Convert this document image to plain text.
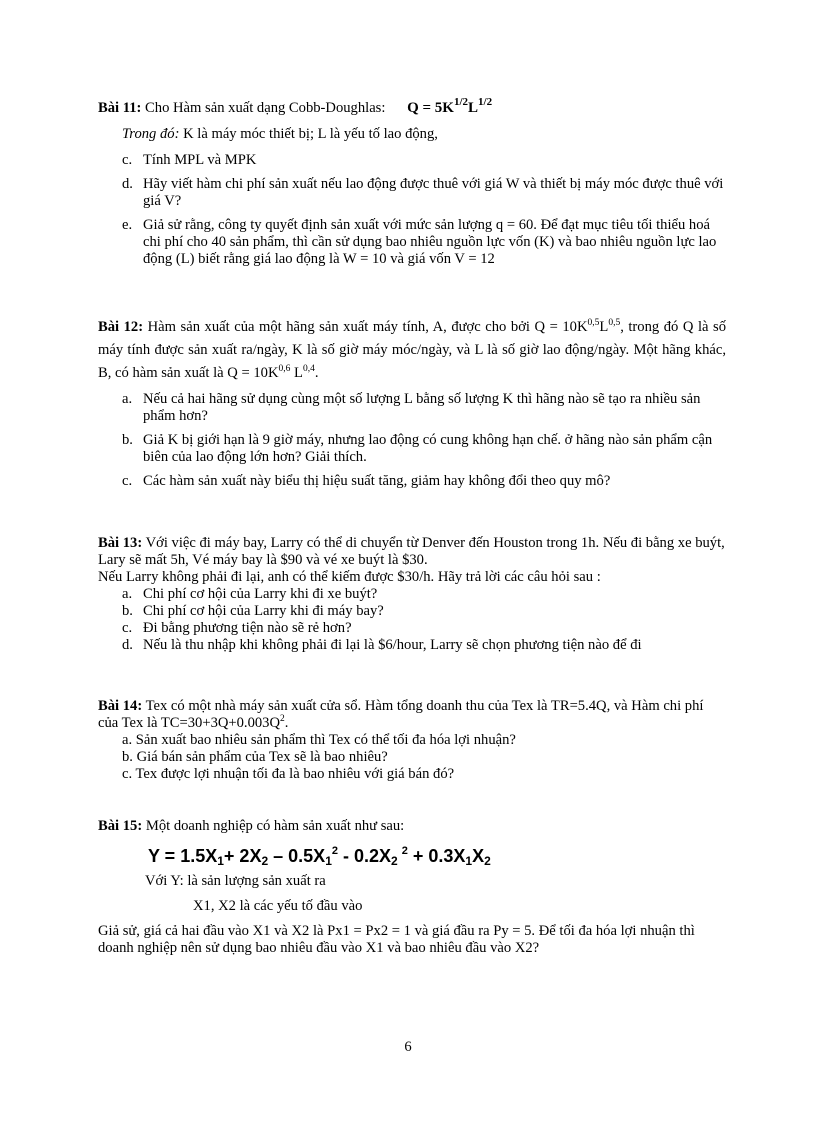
Bài 11: Cho Hàm sản xuất dạng Cobb-Doughlas: $Q = 5K^{1/2}L^{1/2}$

Trong đó: K là máy móc thiết bị; L là yếu tố lao động,

c. Tính MPL và MPK
d. Hãy viết hàm chi phí sản xuất nếu lao động được thuê với giá W và thiết bị máy móc được thuê với giá V?
e. Giả sử rằng, công ty quyết định sản xuất với mức sản lượng q = 60. Để đạt mục tiêu tối thiểu hoá chi phí cho 40 sản phẩm, thì cần sử dụng bao nhiêu nguồn lực vốn (K) và bao nhiêu nguồn lực lao động (L) biết rằng giá lao động là W = 10 và giá vốn V = 12

Bài 12: Hàm sản xuất của một hãng sản xuất máy tính, A, được cho bởi $Q = 10K^{0,5}L^{0,5}$, trong đó Q là số máy tính được sản xuất ra/ngày, K là số giờ máy móc/ngày, và L là số giờ lao động/ngày. Một hãng khác, B, có hàm sản xuất là $Q = 10K^{0,6}$ L$^{0,4}$.

a. Nếu cả hai hãng sử dụng cùng một số lượng L bằng số lượng K thì hãng nào sẽ tạo ra nhiều sản phẩm hơn?
b. Giả K bị giới hạn là 9 giờ máy, nhưng lao động có cung không hạn chế. ở hãng nào sản phẩm cận biên của lao động lớn hơn? Giải thích.
c. Các hàm sản xuất này biểu thị hiệu suất tăng, giảm hay không đổi theo quy mô?

Bài 13: Với việc đi máy bay, Larry có thể di chuyển từ Denver đến Houston trong 1h. Nếu đi bằng xe buýt, Lary sẽ mất 5h, Vé máy bay là $90 và vé xe buýt là $30.

Nếu Larry không phải đi lại, anh có thể kiếm được $30/h. Hãy trả lời các câu hỏi sau :

a. Chi phí cơ hội của Larry khi đi xe buýt?
b. Chi phí cơ hội của Larry khi đi máy bay?
c. Đi bằng phương tiện nào sẽ rẻ hơn?
d. Nếu là thu nhập khi không phải đi lại là $6/hour, Larry sẽ chọn phương tiện nào để đi

Bài 14: Tex có một nhà máy sản xuất cửa sổ. Hàm tổng doanh thu của Tex là TR=5.4Q, và Hàm chi phí của Tex là $TC=30+3Q+0.003Q^2$.

a. Sản xuất bao nhiêu sản phẩm thì Tex có thể tối đa hóa lợi nhuận?

b. Giá bán sản phẩm của Tex sẽ là bao nhiêu?

c. Tex được lợi nhuận tối đa là bao nhiêu với giá bán đó?

Bài 15: Một doanh nghiệp có hàm sản xuất như sau:

$Y = 1.5X_1+ 2X_2 - 0.5X_1^2 - 0.2X_2^2 + 0.3X_1X_2$

Với Y: là sản lượng sản xuất ra

X1, X2 là các yếu tố đầu vào

Giả sử, giá cả hai đầu vào X1 và X2 là Px1 = Px2 = 1 và giá đầu ra Py = 5. Để tối đa hóa lợi nhuận thì doanh nghiệp nên sử dụng bao nhiêu đầu vào X1 và bao nhiêu đầu vào X2?

6
